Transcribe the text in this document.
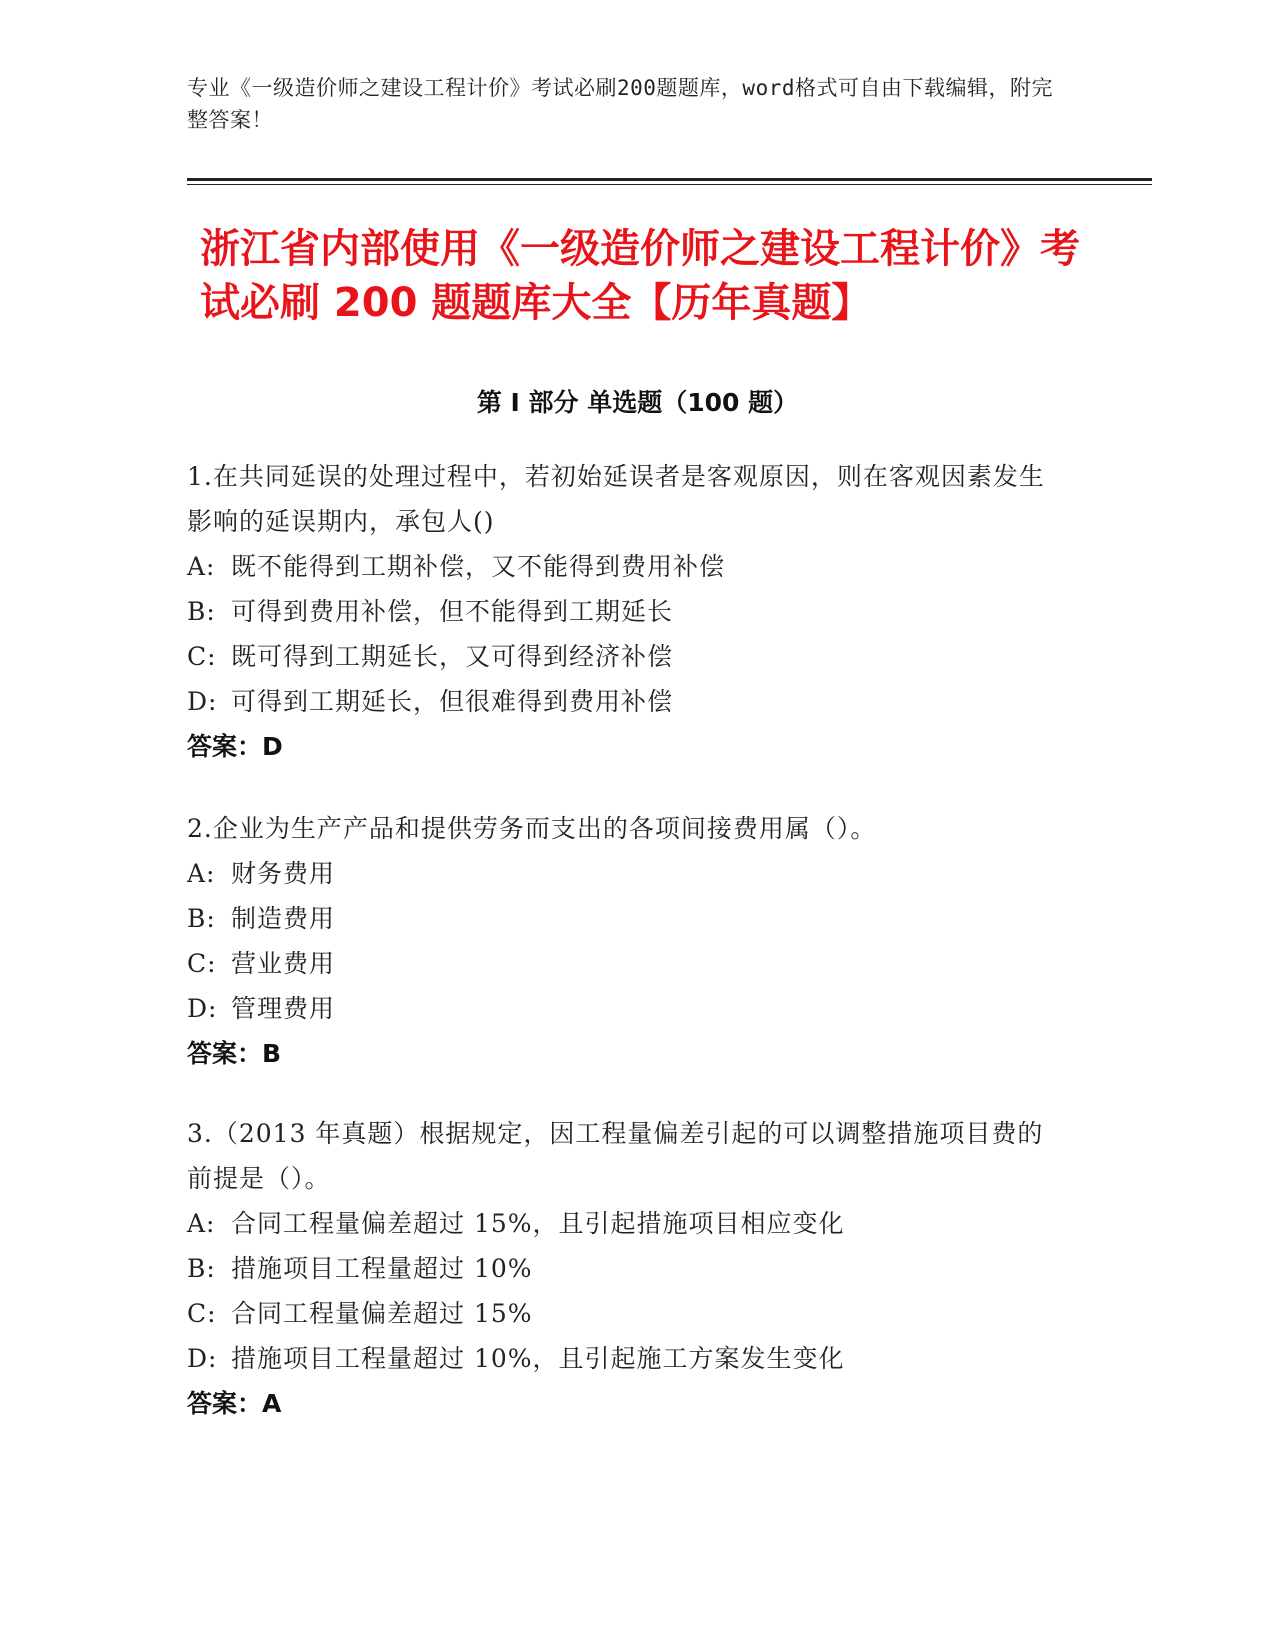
专业《一级造价师之建设工程计价》考试必刷200题题库，word格式可自由下载编辑，附完整答案！
浙江省内部使用《一级造价师之建设工程计价》考试必刷 200 题题库大全【历年真题】
第 I 部分 单选题（100 题）
1.在共同延误的处理过程中，若初始延误者是客观原因，则在客观因素发生影响的延误期内，承包人()
A: 既不能得到工期补偿，又不能得到费用补偿
B: 可得到费用补偿，但不能得到工期延长
C: 既可得到工期延长，又可得到经济补偿
D: 可得到工期延长，但很难得到费用补偿
答案：D
2.企业为生产产品和提供劳务而支出的各项间接费用属（）。
A: 财务费用
B: 制造费用
C: 营业费用
D: 管理费用
答案：B
3.（2013 年真题）根据规定，因工程量偏差引起的可以调整措施项目费的前提是（）。
A: 合同工程量偏差超过 15%，且引起措施项目相应变化
B: 措施项目工程量超过 10%
C: 合同工程量偏差超过 15%
D: 措施项目工程量超过 10%，且引起施工方案发生变化
答案：A
